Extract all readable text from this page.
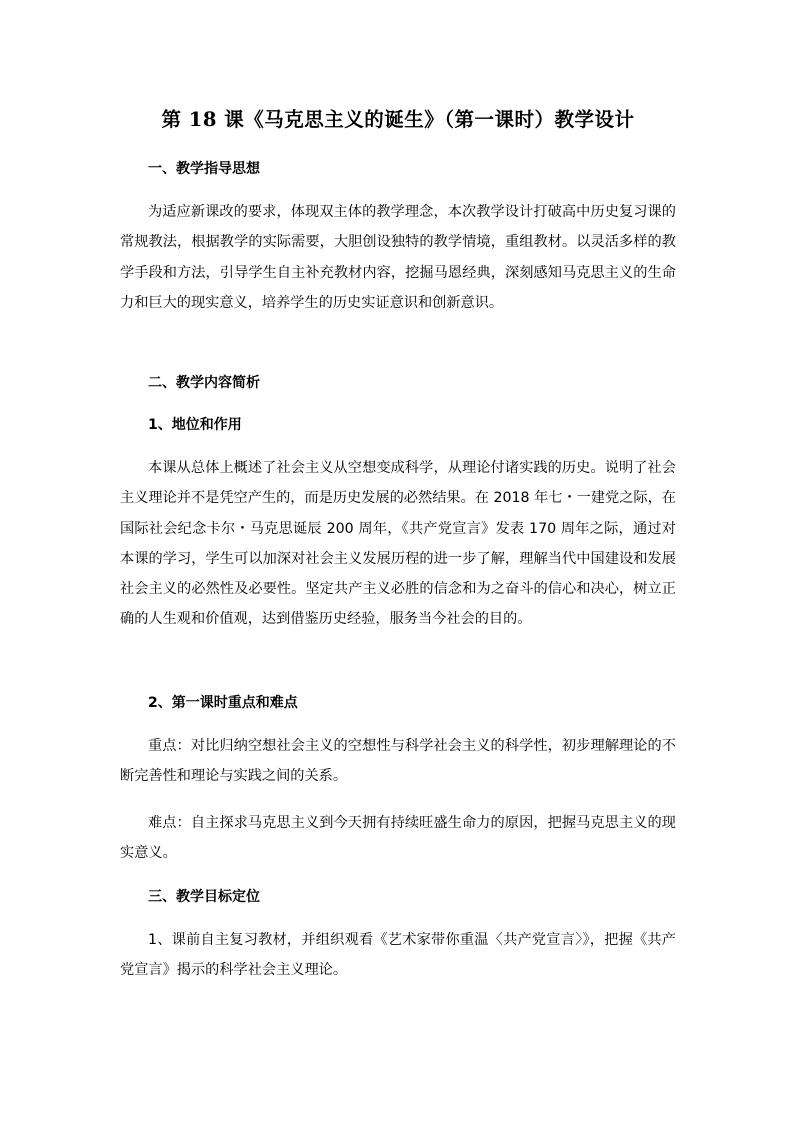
第 18 课《马克思主义的诞生》（第一课时）教学设计
一、教学指导思想
为适应新课改的要求，体现双主体的教学理念，本次教学设计打破高中历史复习课的常规教法，根据教学的实际需要，大胆创设独特的教学情境，重组教材。以灵活多样的教学手段和方法，引导学生自主补充教材内容，挖掘马恩经典，深刻感知马克思主义的生命力和巨大的现实意义，培养学生的历史实证意识和创新意识。
二、教学内容简析
1、地位和作用
本课从总体上概述了社会主义从空想变成科学，从理论付诸实践的历史。说明了社会主义理论并不是凭空产生的，而是历史发展的必然结果。在 2018 年七・一建党之际，在国际社会纪念卡尔・马克思诞辰 200 周年，《共产党宣言》发表 170 周年之际，通过对本课的学习，学生可以加深对社会主义发展历程的进一步了解，理解当代中国建设和发展社会主义的必然性及必要性。坚定共产主义必胜的信念和为之奋斗的信心和决心，树立正确的人生观和价值观，达到借鉴历史经验，服务当今社会的目的。
2、第一课时重点和难点
重点：对比归纳空想社会主义的空想性与科学社会主义的科学性，初步理解理论的不断完善性和理论与实践之间的关系。
难点：自主探求马克思主义到今天拥有持续旺盛生命力的原因，把握马克思主义的现实意义。
三、教学目标定位
1、课前自主复习教材，并组织观看《艺术家带你重温〈共产党宣言〉》，把握《共产党宣言》揭示的科学社会主义理论。
